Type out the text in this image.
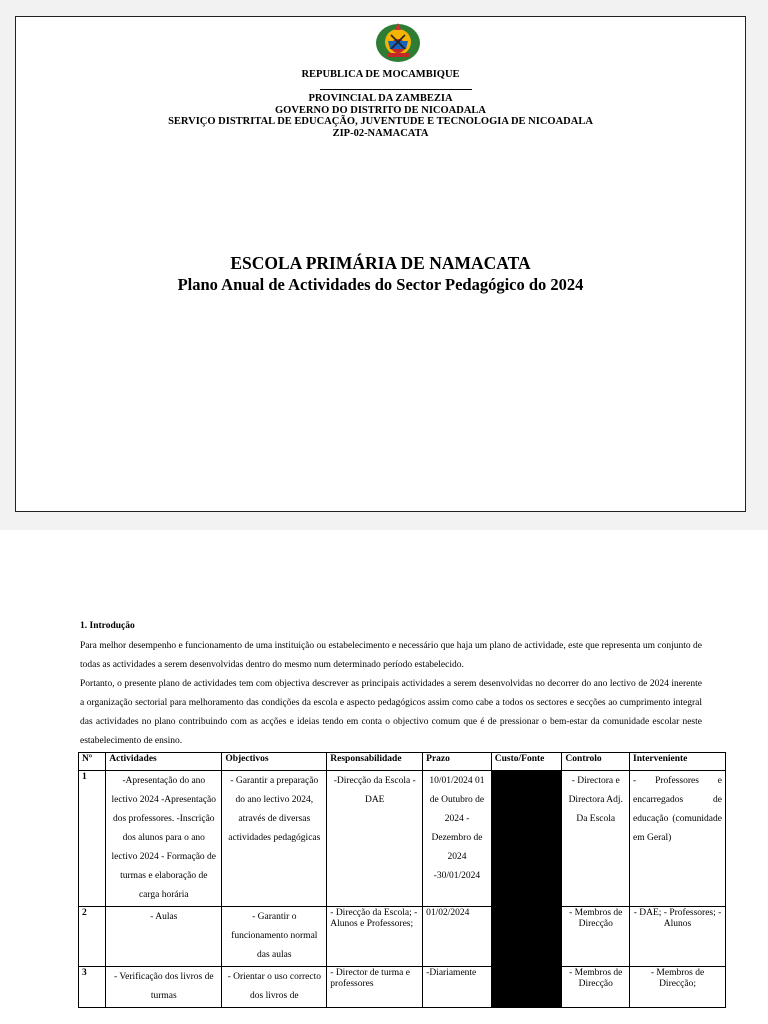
REPUBLICA DE MOCAMBIQUE
PROVINCIAL DA ZAMBEZIA
GOVERNO DO DISTRITO DE NICOADALA
SERVIÇO DISTRITAL DE EDUCAÇÃO, JUVENTUDE E TECNOLOGIA DE NICOADALA
ZIP-02-NAMACATA
ESCOLA PRIMÁRIA DE NAMACATA
Plano Anual de Actividades do Sector Pedagógico do 2024
1. Introdução

Para melhor desempenho e funcionamento de uma instituição ou estabelecimento e necessário que haja um plano de actividade, este que representa um conjunto de todas as actividades a serem desenvolvidas dentro do mesmo num determinado período estabelecido.

Portanto, o presente plano de actividades tem com objectiva descrever as principais actividades a serem desenvolvidas no decorrer do ano lectivo de 2024 inerente a organização sectorial para melhoramento das condições da escola e aspecto pedagógicos assim como cabe a todos os sectores e secções ao cumprimento integral das actividades no plano contribuindo com as acções e ideias tendo em conta o objectivo comum que é de pressionar o bem-estar da comunidade escolar neste estabelecimento de ensino.

Nº	Actividades	Objectivos	Responsabilidade	Prazo	Custo/Fonte	Controlo	Interveniente
1	-Apresentação do ano lectivo 2024 -Apresentação dos professores. -Inscrição dos alunos para o ano lectivo 2024 - Formação de turmas e elaboração de carga horária	- Garantir a preparação do ano lectivo 2024, através de diversas actividades pedagógicas	-Direcção da Escola - DAE	10/01/2024 01 de Outubro de 2024 - Dezembro de 2024 -30/01/2024		- Directora e Directora Adj. Da Escola	- Professores e encarregados de educação (comunidade em Geral)
2	- Aulas	- Garantir o funcionamento normal das aulas	- Direcção da Escola; - Alunos e Professores;	01/02/2024		- Membros de Direcção	- DAE; - Professores; - Alunos
3	- Verificação dos livros de turmas	- Orientar o uso correcto dos livros de	- Director de turma e professores	-Diariamente		- Membros de Direcção	- Membros de Direcção;
